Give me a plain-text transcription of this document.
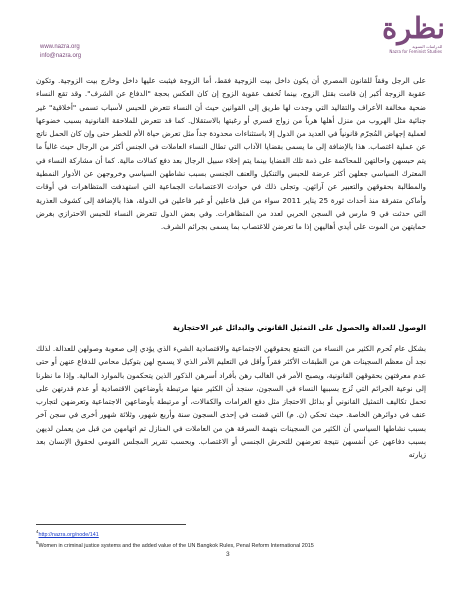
www.nazra.org
info@nazra.org
نظرة
للدراسات النسوية
Nazra for Feminist Studies

على الرجل وفقاً للقانون المصري أن يكون داخل بيت الزوجية فقط، أما الزوجة فيثبت عليها داخل وخارج بيت الزوجية. وتكون عقوبة الزوجة أكبر إن قامت بقتل الزوج، بينما تُخفف عقوبة الزوج إن كان العكس بحجة "الدفاع عن الشرف". وقد تقع النساء ضحية مخالفة الأعراف والتقاليد التي وجدت لها طريق إلى القوانين حيث أن النساء تتعرض للحبس لأسباب تسمى "أخلاقية" غير جنائية مثل الهروب من منزل أهلها هرباً من زواج قسري أو رغبتها بالاستقلال. كما قد تتعرض للملاحقة القانونية بسبب خضوعها لعملية إجهاض المُجرّم قانونياً في العديد من الدول إلا باستثناءات محدودة جداً مثل تعرض حياة الأم للخطر حتى وإن كان الحمل ناتج عن عملية اغتصاب. هذا بالإضافة إلى ما يسمى بقضايا الآداب التي تطال النساء العاملات في الجنس أكثر من الرجال حيث غالباً ما يتم حبسهن واحالتهن للمحاكمة على ذمة تلك القضايا بينما يتم إخلاء سبيل الرجال بعد دفع كفالات مالية. كما أن مشاركة النساء في المعترك السياسي جعلهن أكثر عرضة للحبس والتنكيل والعنف الجنسي بسبب نشاطهن السياسي وخروجهن عن الأدوار النمطية والمطالبة بحقوقهن والتعبير عن آرائهن. وتجلى ذلك في حوادث الاعتصامات الجماعية التي استهدفت المتظاهرات في أوقات وأماكن متفرقة منذ أحداث ثورة 25 يناير 2011 سواء من قبل فاعلين أو غير فاعلين في الدولة، هذا بالإضافة إلى كشوف العذرية التي حدثت في 9 مارس في السجن الحربي لعدد من المتظاهرات. وفي بعض الدول تتعرض النساء للحبس الاحترازي بغرض حمايتهن من الموت على أيدي أهاليهن إذا ما تعرضن للاغتصاب بما يسمى بجرائم الشرف.

الوصول للعدالة والحصول على التمثيل القانوني والبدائل غير الاحتجازية

بشكل عام تُحرم الكثير من النساء من التمتع بحقوقهن الاجتماعية والاقتصادية الشيء الذي يؤدي إلى صعوبة وصولهن للعدالة. لذلك نجد أن معظم السجينات هن من الطبقات الأكثر فقراً وأقل في التعليم الأمر الذي لا يسمح لهن بتوكيل محامي للدفاع عنهن أو حتى عدم معرفتهن بحقوقهن القانونية، ويصبح الأمر في الغالب رهن بأفراد أسرهن الذكور الذين يتحكمون بالموارد المالية. وإذا ما نظرنا إلى نوعية الجرائم التي تُزج بسببها النساء في السجون، سنجد أن الكثير منها مرتبطة بأوضاعهن الاقتصادية أو عدم قدرتهن على تحمل تكاليف التمثيل القانوني أو بدائل الاحتجاز مثل دفع الغرامات والكفالات، أو مرتبطة بأوضاعهن الاجتماعية وتعرضهن لتجارب عنف في دوائرهن الخاصة. حيث تحكي (ن. م) التي قضت في إحدى السجون سنة وأربع شهور، وثلاثة شهور أخرى في سجن آخر بسبب نشاطها السياسي أن الكثير من السجينات بتهمة السرقة هن من العاملات في المنازل تم اتهامهن من قبل من يعملن لديهن بسبب دفاعهن عن أنفسهن نتيجة تعرضهن للتحرش الجنسي أو الاغتصاب. وبحسب تقرير المجلس القومي لحقوق الإنسان بعد زيارته

$^4$http://nazra.org/node/141
$^5$Women in criminal justice systems and the added value of the UN Bangkok Rules, Penal Reform International 2015
3
